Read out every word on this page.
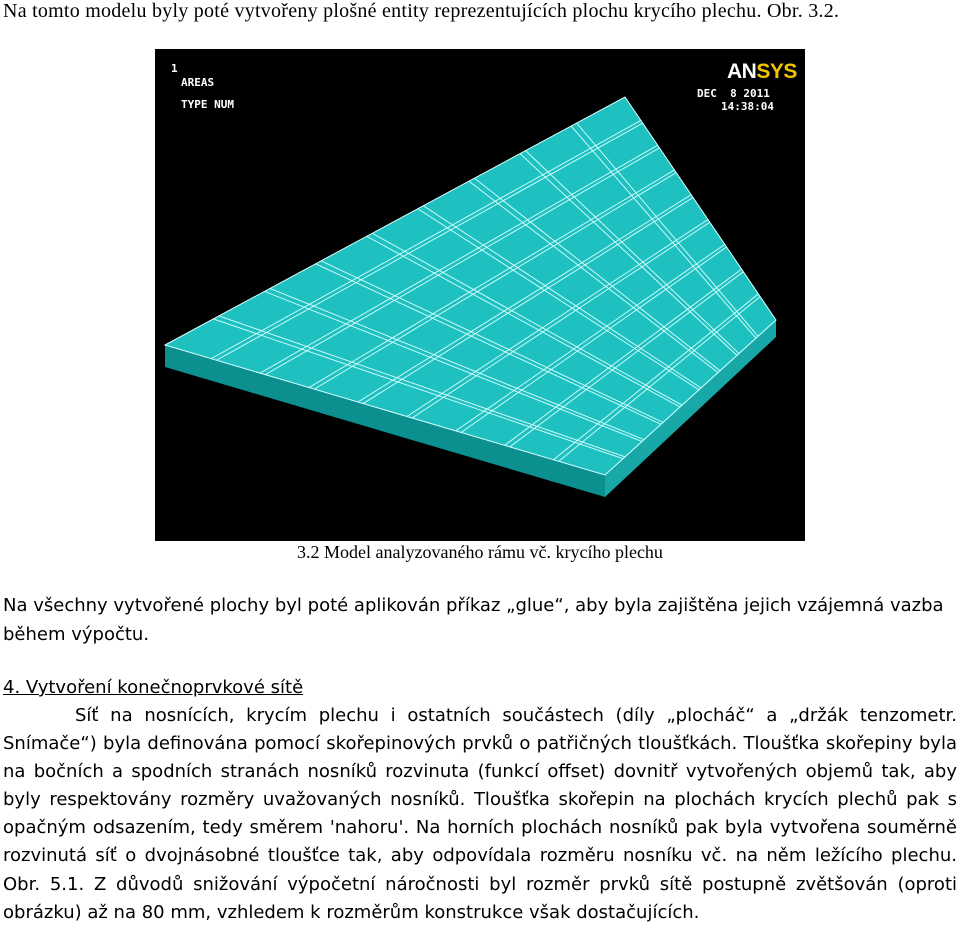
Na tomto modelu byly poté vytvořeny plošné entity reprezentujících plochu krycího plechu. Obr. 3.2.

1
AREAS
TYPE NUM
ANSYS
DEC  8 2011
14:38:04
3.2 Model analyzovaného rámu vč. krycího plechu

Na všechny vytvořené plochy byl poté aplikován příkaz „glue“, aby byla zajištěna jejich vzájemná vazba během výpočtu.

4. Vytvoření konečnoprvkové sítě
Síť na nosnících, krycím plechu i ostatních součástech (díly „plocháč“ a „držák tenzometr. Snímače“) byla definována pomocí skořepinových prvků o patřičných tloušťkách. Tloušťka skořepiny byla na bočních a spodních stranách nosníků rozvinuta (funkcí offset) dovnitř vytvořených objemů tak, aby byly respektovány rozměry uvažovaných nosníků. Tloušťka skořepin na plochách krycích plechů pak s opačným odsazením, tedy směrem 'nahoru'. Na horních plochách nosníků pak byla vytvořena souměrně rozvinutá síť o dvojnásobné tloušťce tak, aby odpovídala rozměru nosníku vč. na něm ležícího plechu. Obr. 5.1. Z důvodů snižování výpočetní náročnosti byl rozměr prvků sítě postupně zvětšován (oproti obrázku) až na 80 mm, vzhledem k rozměrům konstrukce však dostačujících.
